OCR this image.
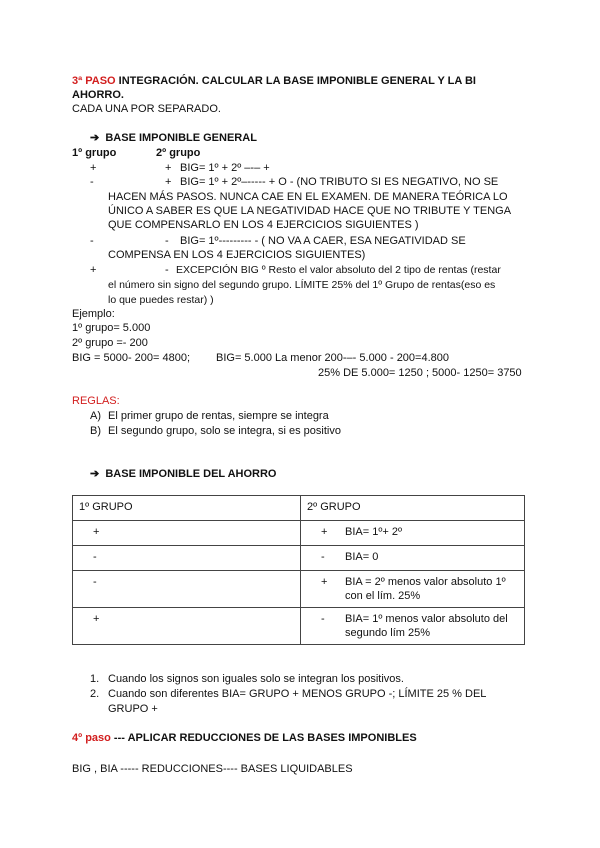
3ª PASO INTEGRACIÓN. CALCULAR LA BASE IMPONIBLE GENERAL Y LA BI
AHORRO.
CADA UNA POR SEPARADO.
➔ BASE IMPONIBLE GENERAL
1º grupo	2º grupo
+	+ BIG= 1º + 2º –-– +
-	+ BIG= 1º + 2º–----- + O - (NO TRIBUTO SI ES NEGATIVO, NO SE
HACEN MÁS PASOS. NUNCA CAE EN EL EXAMEN. DE MANERA TEÓRICA LO
ÚNICO A SABER ES QUE LA NEGATIVIDAD HACE QUE NO TRIBUTE Y TENGA
QUE COMPENSARLO EN LOS 4 EJERCICIOS SIGUIENTES )
-	- BIG= 1º--------- - ( NO VA A CAER, ESA NEGATIVIDAD SE
COMPENSA EN LOS 4 EJERCICIOS SIGUIENTES)
+	- EXCEPCIÓN BIG º Resto el valor absoluto del 2 tipo de rentas (restar
el número sin signo del segundo grupo. LÍMITE 25% del 1º Grupo de rentas(eso es
lo que puedes restar) )
Ejemplo:
1º grupo= 5.000
2º grupo =- 200
BIG = 5000- 200= 4800; BIG= 5.000 La menor 200-–- 5.000 - 200=4.800
25% DE 5.000= 1250 ; 5000- 1250= 3750
REGLAS:
A) El primer grupo de rentas, siempre se integra
B) El segundo grupo, solo se integra, si es positivo
➔ BASE IMPONIBLE DEL AHORRO
1º GRUPO	2º GRUPO

+	+ BIA= 1º+ 2º

-	- BIA= 0

-	+ BIA = 2º menos valor absoluto 1º con el lím. 25%

+	- BIA= 1º menos valor absoluto del segundo lím 25%
1. Cuando los signos son iguales solo se integran los positivos.
2. Cuando son diferentes BIA= GRUPO + MENOS GRUPO -; LÍMITE 25 % DEL
GRUPO +
4º paso --- APLICAR REDUCCIONES DE LAS BASES IMPONIBLES
BIG , BIA ----- REDUCCIONES---- BASES LIQUIDABLES
